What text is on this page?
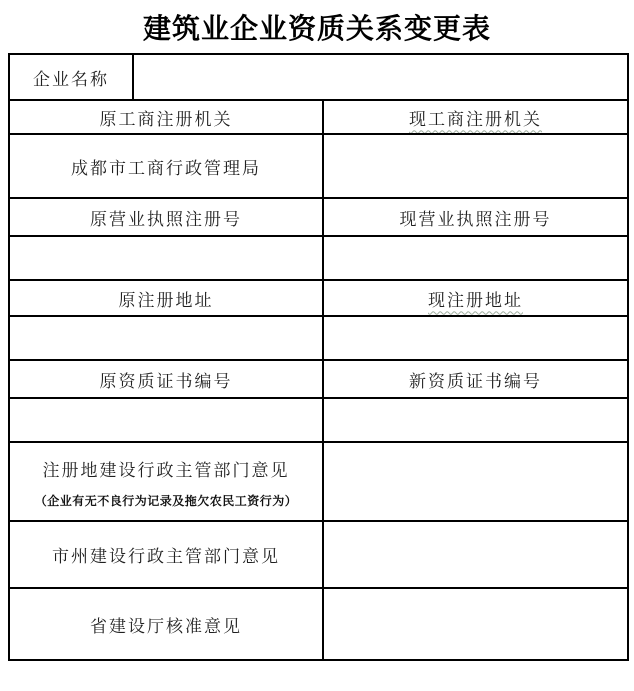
建筑业企业资质关系变更表
企业名称		
原工商注册机关		现工商注册机关
成都市工商行政管理局		
原营业执照注册号		现营业执照注册号

原注册地址		现注册地址

原资质证书编号		新资质证书编号

注册地建设行政主管部门意见
（企业有无不良行为记录及拖欠农民工资行为）		

市州建设行政主管部门意见		
省建设厅核准意见		
